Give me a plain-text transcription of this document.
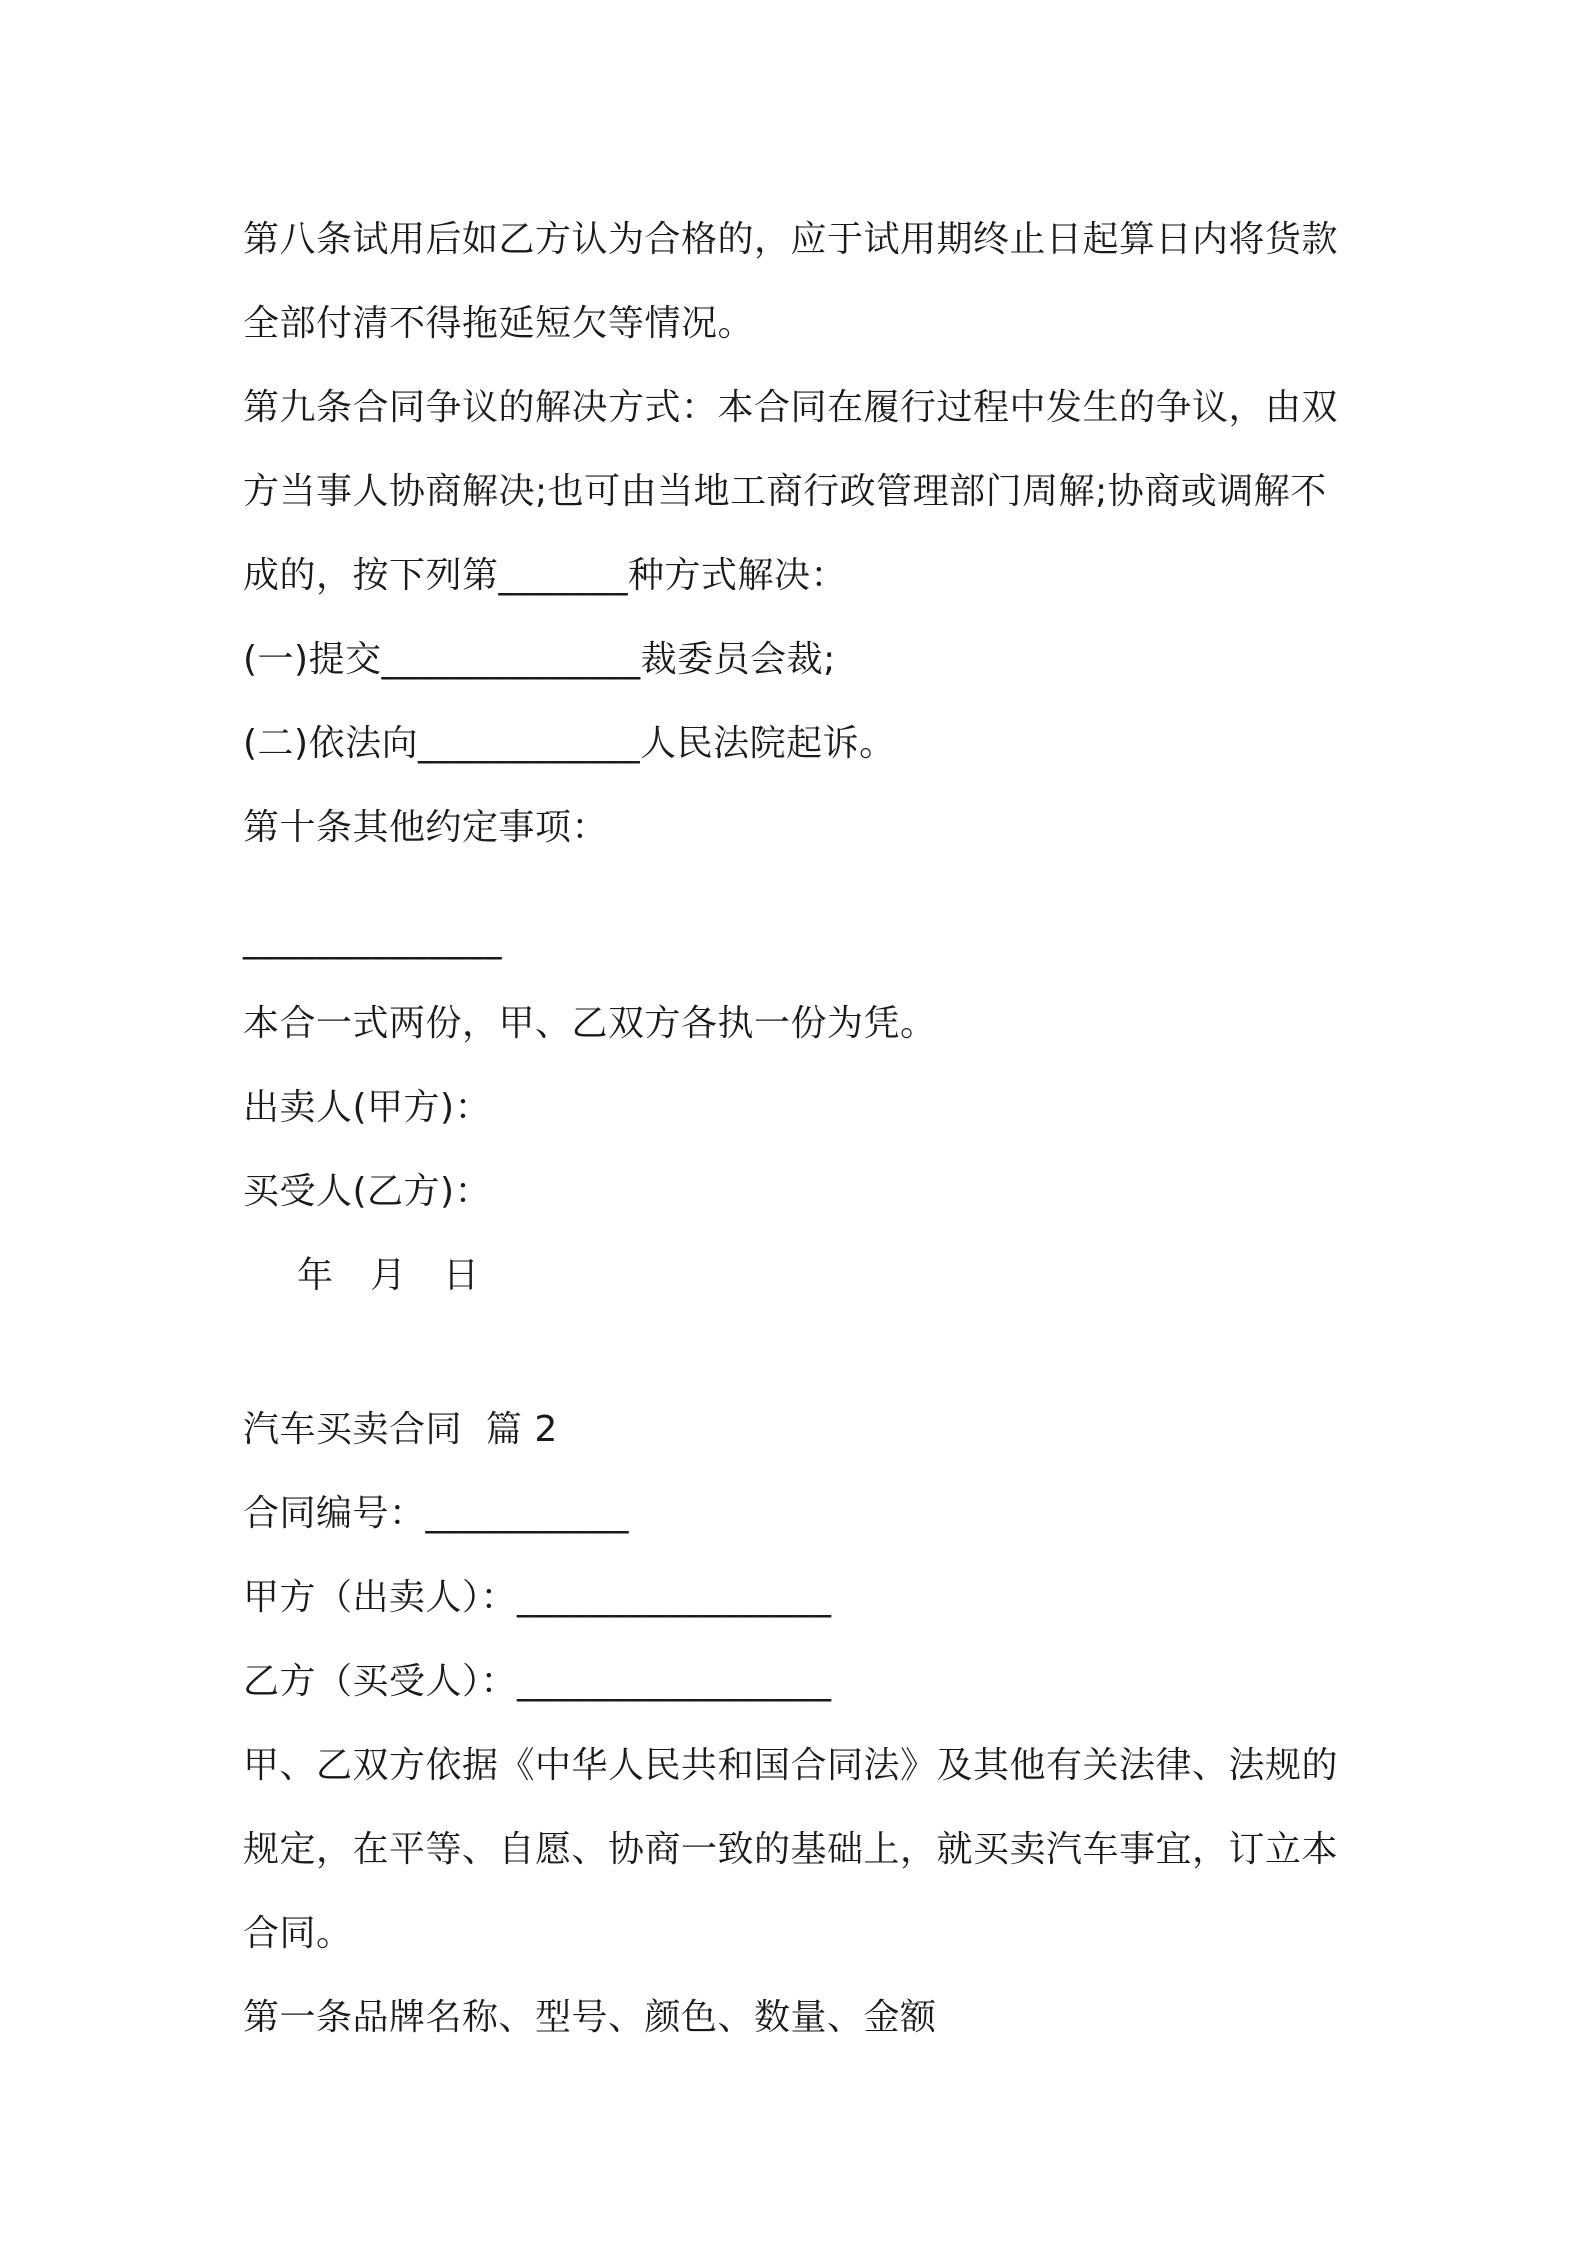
第八条试用后如乙方认为合格的，应于试用期终止日起算日内将货款
全部付清不得拖延短欠等情况。
第九条合同争议的解决方式：本合同在履行过程中发生的争议，由双
方当事人协商解决;也可由当地工商行政管理部门周解;协商或调解不
成的，按下列第_______种方式解决：
(一)提交______________裁委员会裁;
(二)依法向____________人民法院起诉。
第十条其他约定事项：
______________
本合一式两份，甲、乙双方各执一份为凭。
出卖人(甲方)：
买受人(乙方)：
年　月　日
汽车买卖合同  篇 2
合同编号：___________
甲方（出卖人）：_________________
乙方（买受人）：_________________
甲、乙双方依据《中华人民共和国合同法》及其他有关法律、法规的
规定，在平等、自愿、协商一致的基础上，就买卖汽车事宜，订立本
合同。
第一条品牌名称、型号、颜色、数量、金额
